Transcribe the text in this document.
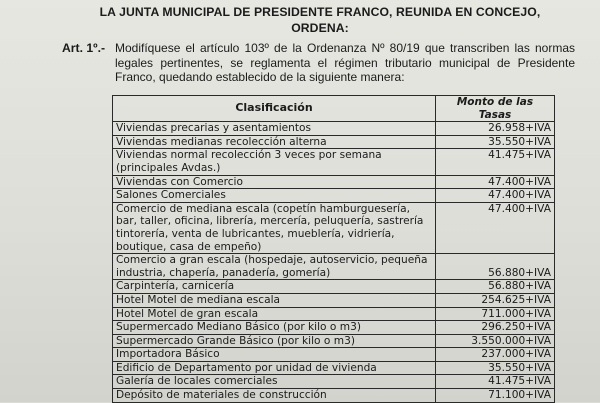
LA JUNTA MUNICIPAL DE PRESIDENTE FRANCO, REUNIDA EN CONCEJO,
ORDENA:
Art. 1º.- Modifíquese el artículo 103º de la Ordenanza Nº 80/19 que transcriben las normas legales pertinentes, se reglamenta el régimen tributario municipal de Presidente Franco, quedando establecido de la siguiente manera:
Clasificación	Monto de las Tasas
Viviendas precarias y asentamientos	26.958+IVA
Viviendas medianas recolección alterna	35.550+IVA
Viviendas normal recolección 3 veces por semana (principales Avdas.)	41.475+IVA
Viviendas con Comercio	47.400+IVA
Salones Comerciales	47.400+IVA
Comercio de mediana escala (copetín hamburguesería, bar, taller, oficina, librería, mercería, peluquería, sastrería tintorería, venta de lubricantes, mueblería, vidriería, boutique, casa de empeño)	47.400+IVA
Comercio a gran escala (hospedaje, autoservicio, pequeña industria, chapería, panadería, gomería)	56.880+IVA
Carpintería, carnicería	56.880+IVA
Hotel Motel de mediana escala	254.625+IVA
Hotel Motel de gran escala	711.000+IVA
Supermercado Mediano Básico (por kilo o m3)	296.250+IVA
Supermercado Grande Básico (por kilo o m3)	3.550.000+IVA
Importadora Básico	237.000+IVA
Edificio de Departamento por unidad de vivienda	35.550+IVA
Galería de locales comerciales	41.475+IVA
Depósito de materiales de construcción	71.100+IVA
